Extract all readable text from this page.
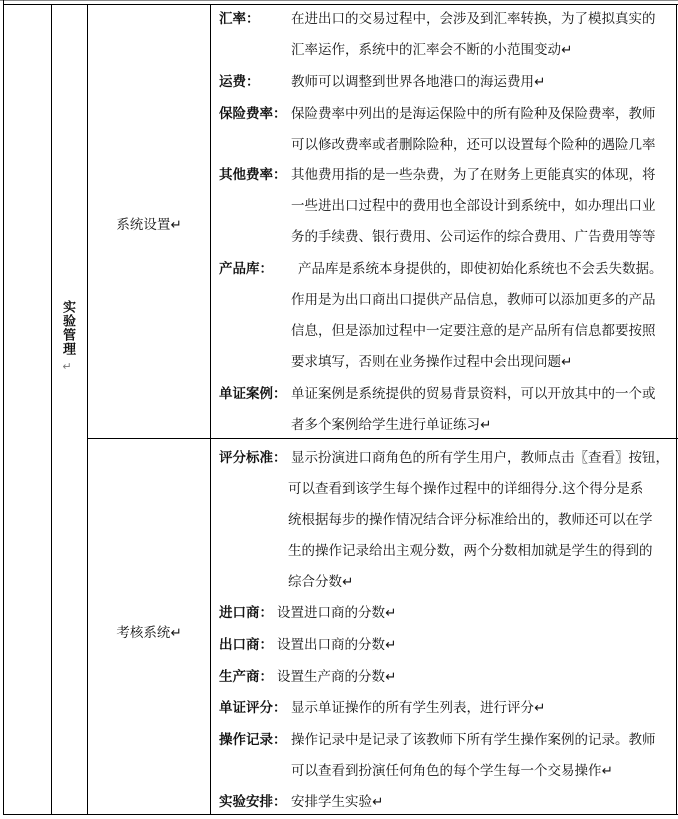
实验管理
↵
系统设置↵
汇率： 在进出口的交易过程中，会涉及到汇率转换，为了模拟真实的
汇率运作，系统中的汇率会不断的小范围变动↵
运费： 教师可以调整到世界各地港口的海运费用↵
保险费率： 保险费率中列出的是海运保险中的所有险种及保险费率，教师
可以修改费率或者删除险种，还可以设置每个险种的遇险几率
其他费率： 其他费用指的是一些杂费，为了在财务上更能真实的体现，将
一些进出口过程中的费用也全部设计到系统中，如办理出口业
务的手续费、银行费用、公司运作的综合费用、广告费用等等
产品库： 产品库是系统本身提供的，即使初始化系统也不会丢失数据。
作用是为出口商出口提供产品信息，教师可以添加更多的产品
信息，但是添加过程中一定要注意的是产品所有信息都要按照
要求填写，否则在业务操作过程中会出现问题↵
单证案例： 单证案例是系统提供的贸易背景资料，可以开放其中的一个或
者多个案例给学生进行单证练习↵
考核系统↵
评分标准： 显示扮演进口商角色的所有学生用户，教师点击〖查看〗按钮，
可以查看到该学生每个操作过程中的详细得分.这个得分是系
统根据每步的操作情况结合评分标准给出的，教师还可以在学
生的操作记录给出主观分数，两个分数相加就是学生的得到的
综合分数↵
进口商： 设置进口商的分数↵
出口商： 设置出口商的分数↵
生产商： 设置生产商的分数↵
单证评分： 显示单证操作的所有学生列表，进行评分↵
操作记录： 操作记录中是记录了该教师下所有学生操作案例的记录。教师
可以查看到扮演任何角色的每个学生每一个交易操作↵
实验安排： 安排学生实验↵
